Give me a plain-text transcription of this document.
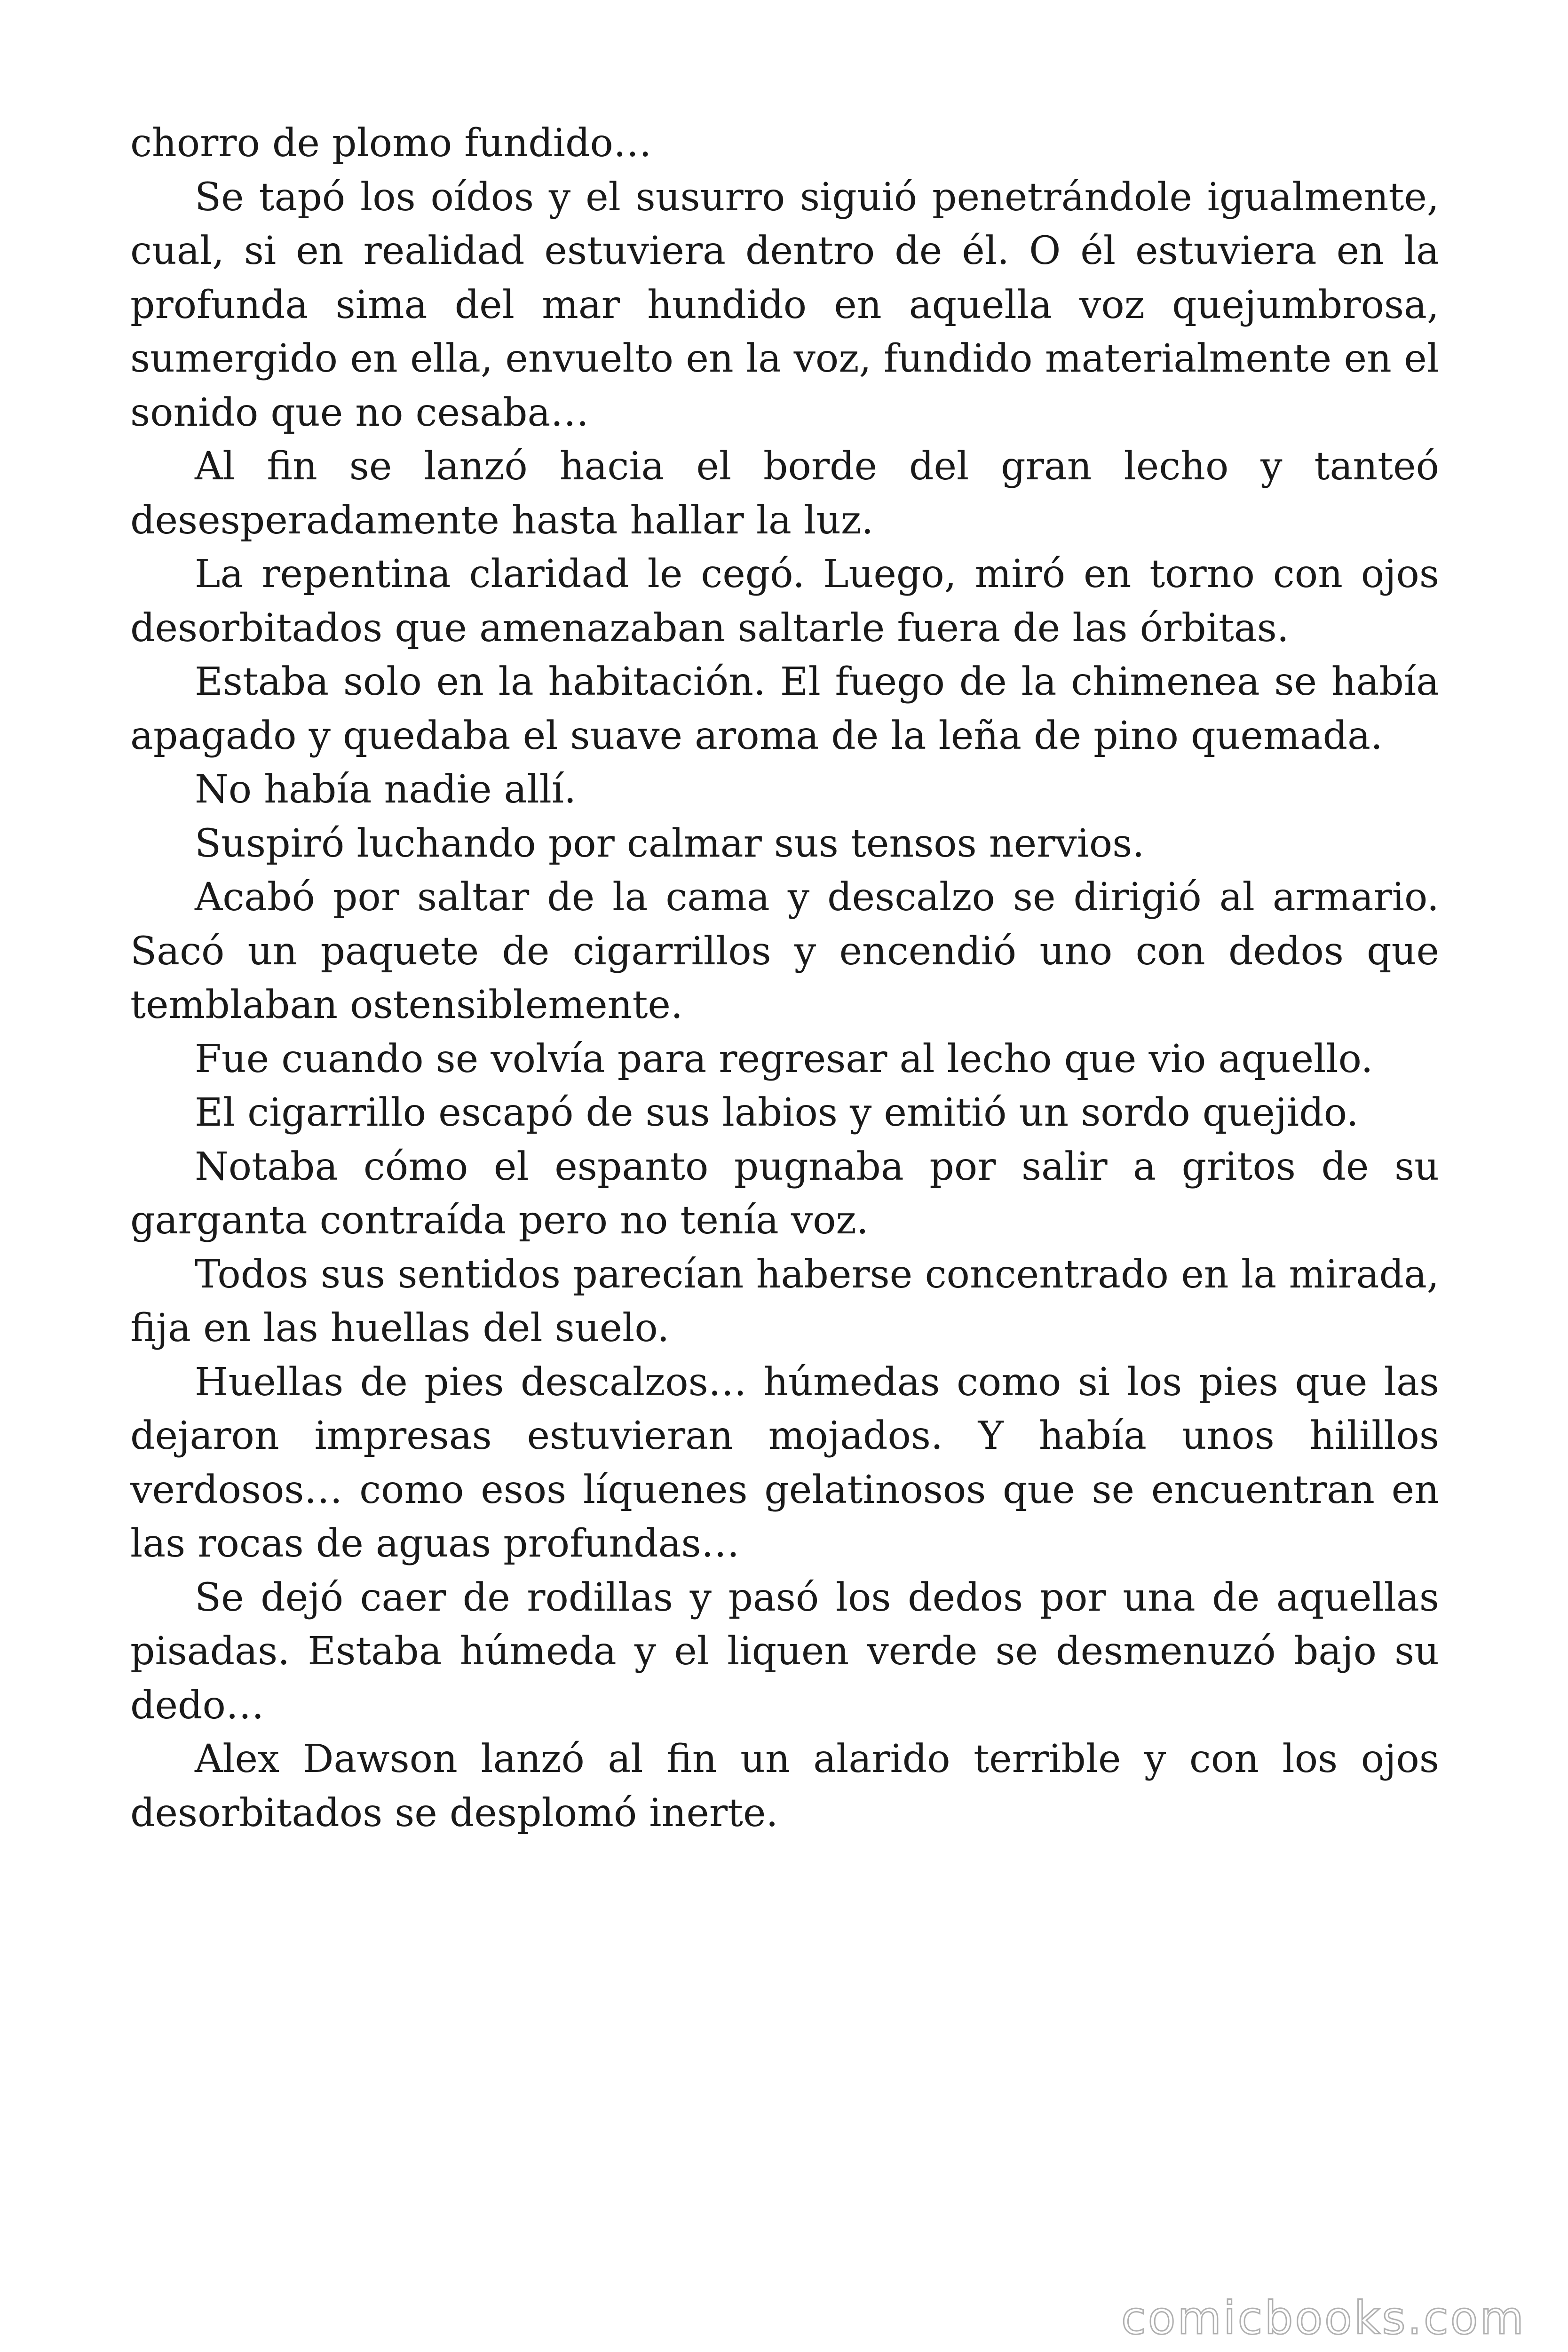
chorro de plomo fundido…

Se tapó los oídos y el susurro siguió penetrándole igualmente, cual, si en realidad estuviera dentro de él. O él estuviera en la profunda sima del mar hundido en aquella voz quejumbrosa, sumergido en ella, envuelto en la voz, fundido materialmente en el sonido que no cesaba…

Al fin se lanzó hacia el borde del gran lecho y tanteó desesperadamente hasta hallar la luz.

La repentina claridad le cegó. Luego, miró en torno con ojos desorbitados que amenazaban saltarle fuera de las órbitas.

Estaba solo en la habitación. El fuego de la chimenea se había apagado y quedaba el suave aroma de la leña de pino quemada.

No había nadie allí.

Suspiró luchando por calmar sus tensos nervios.

Acabó por saltar de la cama y descalzo se dirigió al armario. Sacó un paquete de cigarrillos y encendió uno con dedos que temblaban ostensiblemente.

Fue cuando se volvía para regresar al lecho que vio aquello.

El cigarrillo escapó de sus labios y emitió un sordo quejido.

Notaba cómo el espanto pugnaba por salir a gritos de su garganta contraída pero no tenía voz.

Todos sus sentidos parecían haberse concentrado en la mirada, fija en las huellas del suelo.

Huellas de pies descalzos… húmedas como si los pies que las dejaron impresas estuvieran mojados. Y había unos hilillos verdosos… como esos líquenes gelatinosos que se encuentran en las rocas de aguas profundas…

Se dejó caer de rodillas y pasó los dedos por una de aquellas pisadas. Estaba húmeda y el liquen verde se desmenuzó bajo su dedo…

Alex Dawson lanzó al fin un alarido terrible y con los ojos desorbitados se desplomó inerte.

comicbooks.com
